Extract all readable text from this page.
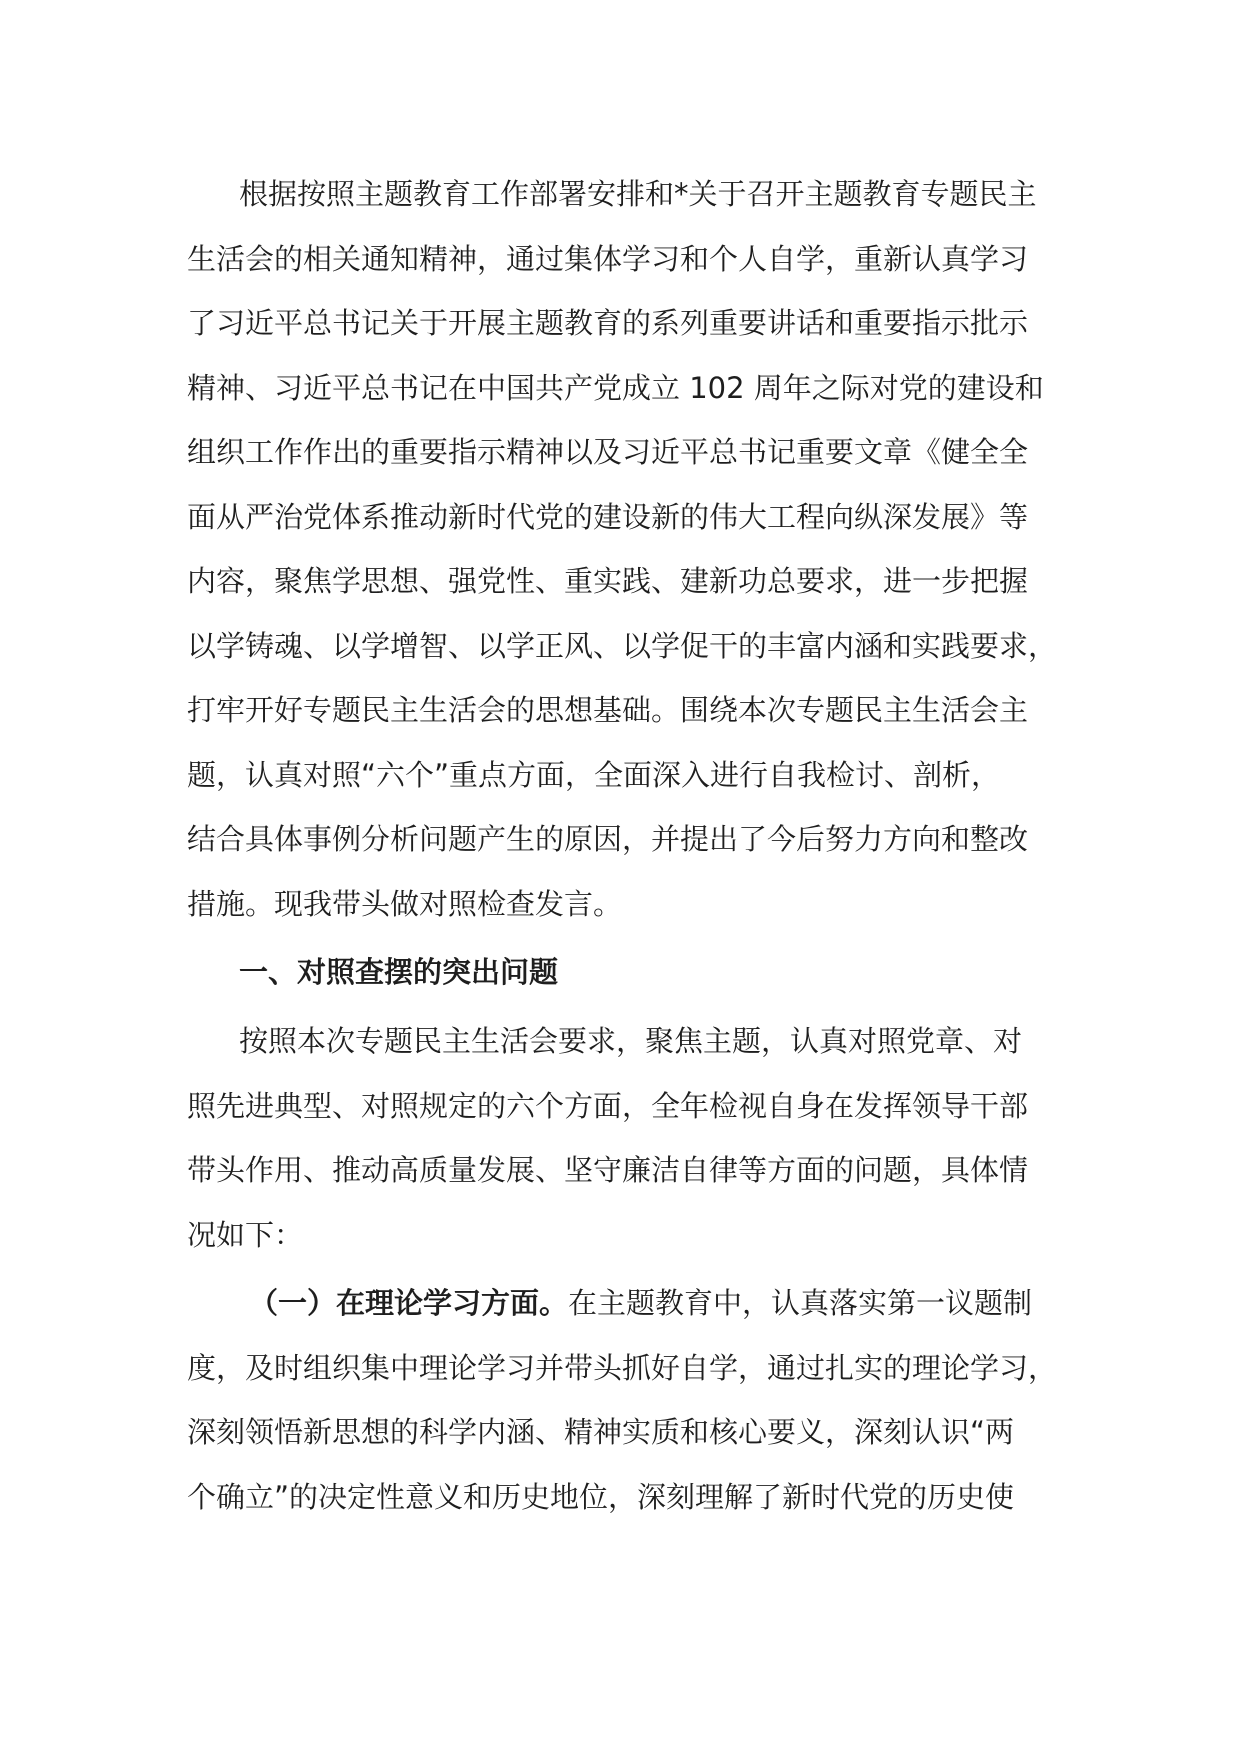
根据按照主题教育工作部署安排和*关于召开主题教育专题民主
生活会的相关通知精神，通过集体学习和个人自学，重新认真学习
了习近平总书记关于开展主题教育的系列重要讲话和重要指示批示
精神、习近平总书记在中国共产党成立 102 周年之际对党的建设和
组织工作作出的重要指示精神以及习近平总书记重要文章《健全全
面从严治党体系推动新时代党的建设新的伟大工程向纵深发展》等
内容，聚焦学思想、强党性、重实践、建新功总要求，进一步把握
以学铸魂、以学增智、以学正风、以学促干的丰富内涵和实践要求，
打牢开好专题民主生活会的思想基础。围绕本次专题民主生活会主
题，认真对照“六个”重点方面，全面深入进行自我检讨、剖析，
结合具体事例分析问题产生的原因，并提出了今后努力方向和整改
措施。现我带头做对照检查发言。
一、对照查摆的突出问题
按照本次专题民主生活会要求，聚焦主题，认真对照党章、对
照先进典型、对照规定的六个方面，全年检视自身在发挥领导干部
带头作用、推动高质量发展、坚守廉洁自律等方面的问题，具体情
况如下：
（一）在理论学习方面。在主题教育中，认真落实第一议题制
度，及时组织集中理论学习并带头抓好自学，通过扎实的理论学习，
深刻领悟新思想的科学内涵、精神实质和核心要义，深刻认识“两
个确立”的决定性意义和历史地位，深刻理解了新时代党的历史使
